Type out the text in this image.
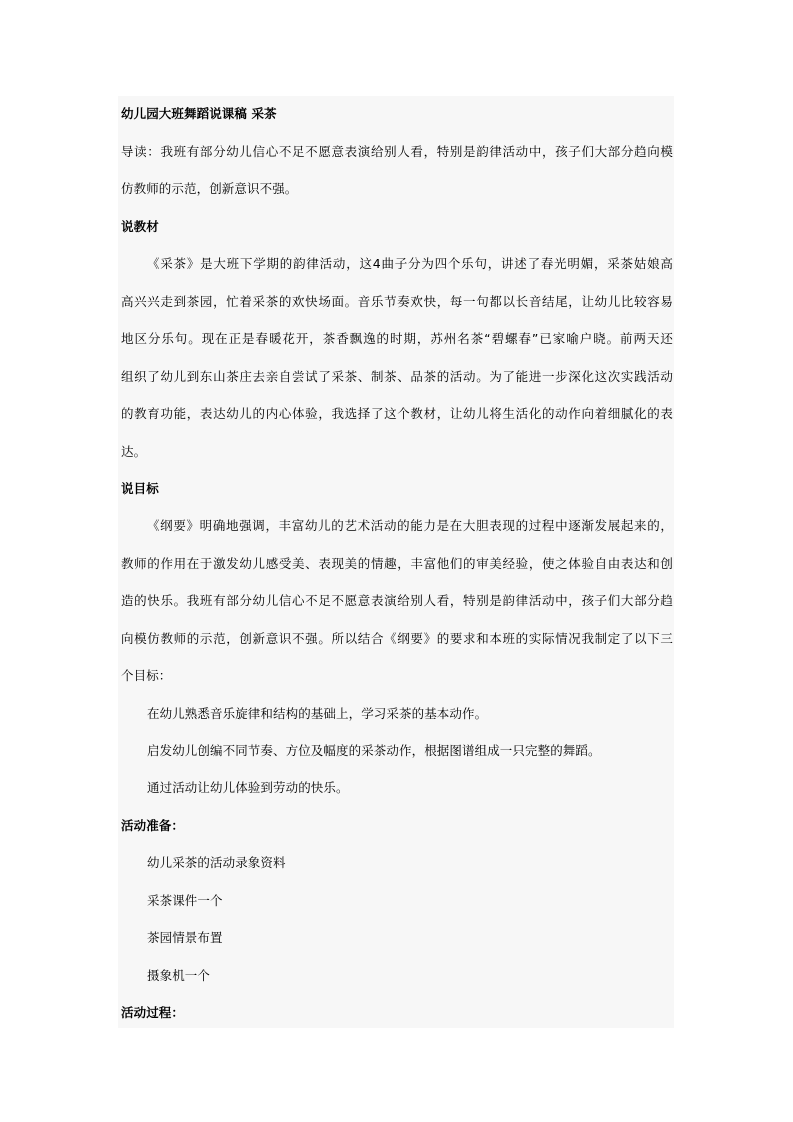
幼儿园大班舞蹈说课稿 采茶
导读：我班有部分幼儿信心不足不愿意表演给别人看，特别是韵律活动中，孩子们大部分趋向模
仿教师的示范，创新意识不强。
说教材
《采茶》是大班下学期的韵律活动，这4曲子分为四个乐句，讲述了春光明媚，采茶姑娘高
高兴兴走到茶园，忙着采茶的欢快场面。音乐节奏欢快，每一句都以长音结尾，让幼儿比较容易
地区分乐句。现在正是春暖花开，茶香飘逸的时期，苏州名茶“碧螺春”已家喻户晓。前两天还
组织了幼儿到东山茶庄去亲自尝试了采茶、制茶、品茶的活动。为了能进一步深化这次实践活动
的教育功能，表达幼儿的内心体验，我选择了这个教材，让幼儿将生活化的动作向着细腻化的表
达。
说目标
《纲要》明确地强调，丰富幼儿的艺术活动的能力是在大胆表现的过程中逐渐发展起来的，
教师的作用在于激发幼儿感受美、表现美的情趣，丰富他们的审美经验，使之体验自由表达和创
造的快乐。我班有部分幼儿信心不足不愿意表演给别人看，特别是韵律活动中，孩子们大部分趋
向模仿教师的示范，创新意识不强。所以结合《纲要》的要求和本班的实际情况我制定了以下三
个目标：
在幼儿熟悉音乐旋律和结构的基础上，学习采茶的基本动作。
启发幼儿创编不同节奏、方位及幅度的采茶动作，根据图谱组成一只完整的舞蹈。
通过活动让幼儿体验到劳动的快乐。
活动准备：
幼儿采茶的活动录象资料
采茶课件一个
茶园情景布置
摄象机一个
活动过程：
